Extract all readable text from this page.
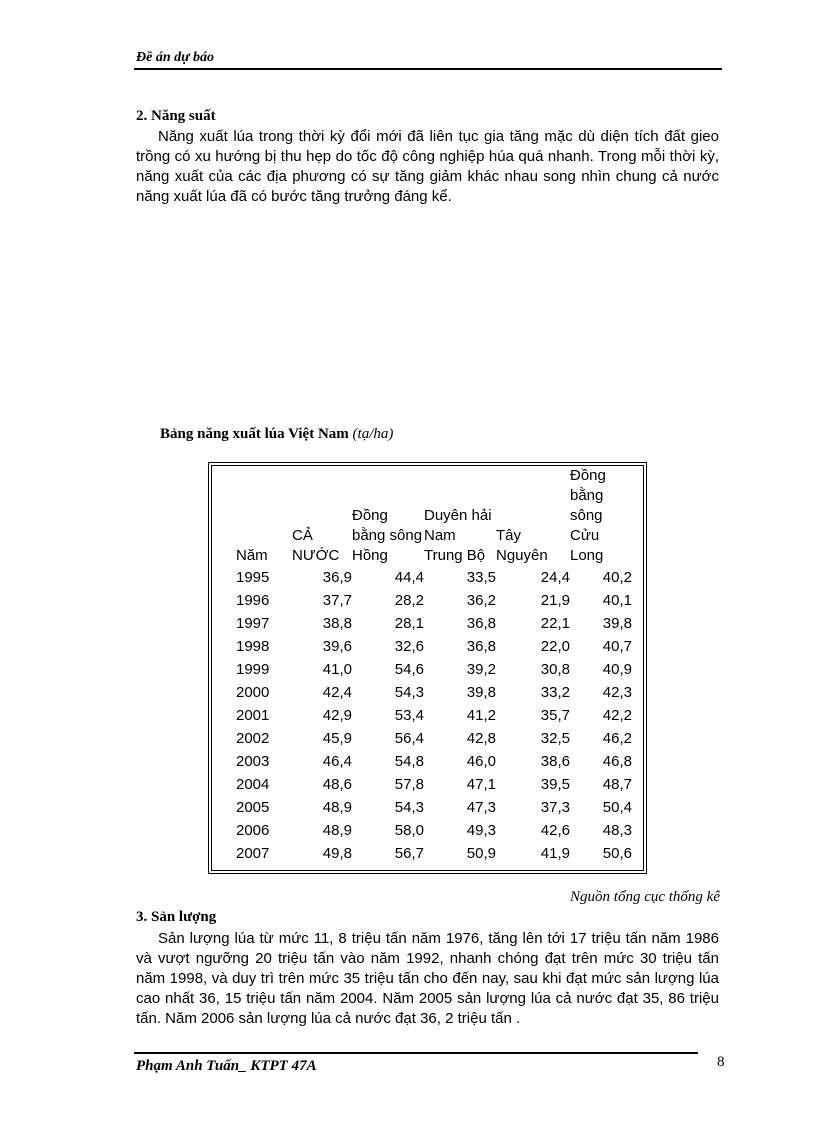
Đề án dự báo
2. Năng suất
Năng xuất lúa trong thời kỳ đổi mới đã liên tục gia tăng mặc dù diện tích đất gieo trồng có xu hướng bị thu hẹp do tốc độ công nghiệp húa quá nhanh. Trong mỗi thời kỳ, năng xuất của các địa phương có sự tăng giảm khác nhau song nhìn chung cả nước năng xuất lúa đã có bước tăng trưởng đáng kể.
Bảng năng xuất lúa Việt Nam (tạ/ha)
Năm	CẢ NƯỚC	Đồng bằng sông Hồng	Duyên hải Nam Trung Bộ	Tây Nguyên	Đồng bằng sông Cửu Long
1995	36,9	44,4	33,5	24,4	40,2
1996	37,7	28,2	36,2	21,9	40,1
1997	38,8	28,1	36,8	22,1	39,8
1998	39,6	32,6	36,8	22,0	40,7
1999	41,0	54,6	39,2	30,8	40,9
2000	42,4	54,3	39,8	33,2	42,3
2001	42,9	53,4	41,2	35,7	42,2
2002	45,9	56,4	42,8	32,5	46,2
2003	46,4	54,8	46,0	38,6	46,8
2004	48,6	57,8	47,1	39,5	48,7
2005	48,9	54,3	47,3	37,3	50,4
2006	48,9	58,0	49,3	42,6	48,3
2007	49,8	56,7	50,9	41,9	50,6
Nguồn tổng cục thống kê
3. Sản lượng
Sản lượng lúa từ mức 11, 8 triệu tấn năm 1976, tăng lên tới 17 triệu tấn năm 1986 và vượt ngưỡng 20 triệu tấn vào năm 1992, nhanh chóng đạt trên mức 30 triệu tấn năm 1998, và duy trì trên mức 35 triệu tấn cho đến nay, sau khi đạt mức sản lượng lúa cao nhất 36, 15 triệu tấn năm 2004. Năm 2005 sản lượng lúa cả nước đạt 35, 86 triệu tấn. Năm 2006 sản lượng lúa cả nước đạt 36, 2 triệu tấn .
Phạm Anh Tuấn_ KTPT 47A	8
